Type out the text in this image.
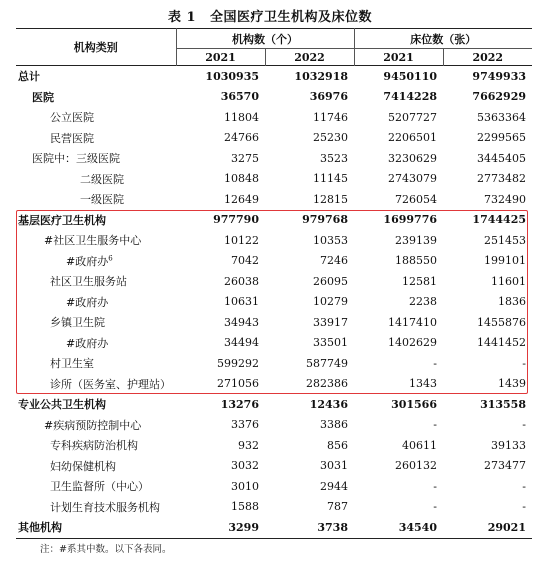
表 1 全国医疗卫生机构及床位数
机构类别	机构数（个）		床位数（张）	
	2021	2022	2021	2022
总计	1030935	1032918	9450110	9749933
医院	36570	36976	7414228	7662929
公立医院	11804	11746	5207727	5363364
民营医院	24766	25230	2206501	2299565
医院中：三级医院	3275	3523	3230629	3445405
二级医院	10848	11145	2743079	2773482
一级医院	12649	12815	726054	732490
基层医疗卫生机构	977790	979768	1699776	1744425
#社区卫生服务中心	10122	10353	239139	251453
#政府办$^6$	7042	7246	188550	199101
社区卫生服务站	26038	26095	12581	11601
#政府办	10631	10279	2238	1836
乡镇卫生院	34943	33917	1417410	1455876
#政府办	34494	33501	1402629	1441452
村卫生室	599292	587749	-	-
诊所（医务室、护理站）	271056	282386	1343	1439
专业公共卫生机构	13276	12436	301566	313558
#疾病预防控制中心	3376	3386	-	-
专科疾病防治机构	932	856	40611	39133
妇幼保健机构	3032	3031	260132	273477
卫生监督所（中心）	3010	2944	-	-
计划生育技术服务机构	1588	787	-	-
其他机构	3299	3738	34540	29021
注：#系其中数。以下各表同。
